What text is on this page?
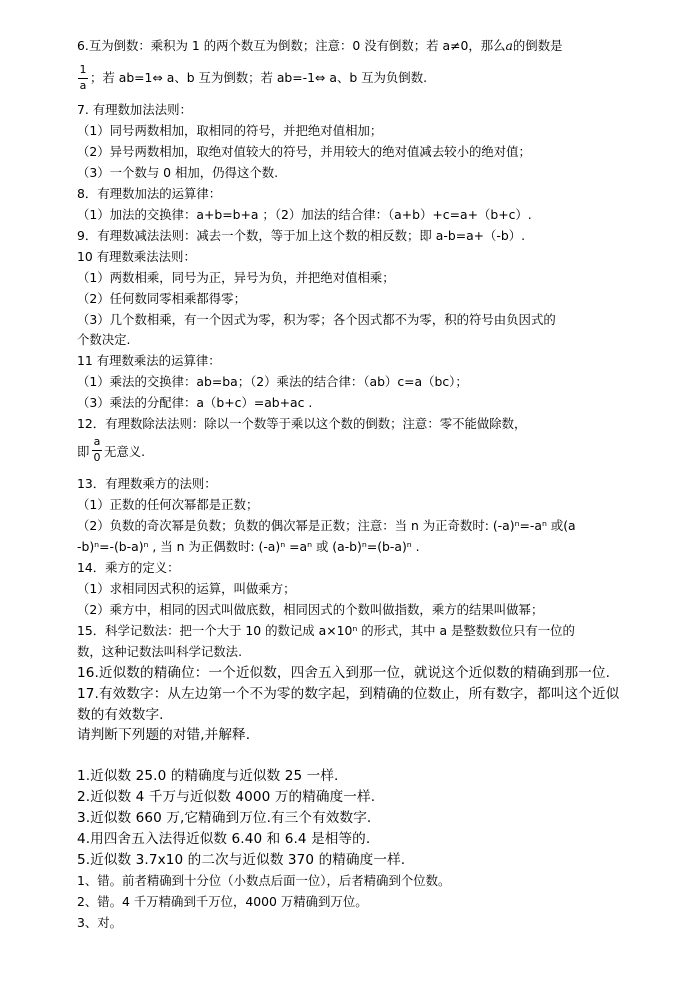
6.互为倒数：乘积为 1 的两个数互为倒数；注意：0 没有倒数；若 a≠0，那么a的倒数是
1
a
；若 ab=1⇔ a、b 互为倒数；若 ab=-1⇔ a、b 互为负倒数.
7. 有理数加法法则：
（1）同号两数相加，取相同的符号，并把绝对值相加；
（2）异号两数相加，取绝对值较大的符号，并用较大的绝对值减去较小的绝对值；
（3）一个数与 0 相加，仍得这个数.
8．有理数加法的运算律：
（1）加法的交换律：a+b=b+a ；（2）加法的结合律：（a+b）+c=a+（b+c）.
9．有理数减法法则：减去一个数，等于加上这个数的相反数；即 a-b=a+（-b）.
10 有理数乘法法则：
（1）两数相乘，同号为正，异号为负，并把绝对值相乘；
（2）任何数同零相乘都得零；
（3）几个数相乘，有一个因式为零，积为零；各个因式都不为零，积的符号由负因式的
个数决定.
11 有理数乘法的运算律：
（1）乘法的交换律：ab=ba；（2）乘法的结合律：（ab）c=a（bc）；
（3）乘法的分配律：a（b+c）=ab+ac .
12．有理数除法法则：除以一个数等于乘以这个数的倒数；注意：零不能做除数，
即
a
0 无意义.
13．有理数乘方的法则：
（1）正数的任何次幂都是正数；
（2）负数的奇次幂是负数；负数的偶次幂是正数；注意：当 n 为正奇数时: (-a)ⁿ=-aⁿ 或(a
-b)ⁿ=-(b-a)ⁿ , 当 n 为正偶数时: (-a)ⁿ =aⁿ 或 (a-b)ⁿ=(b-a)ⁿ .
14．乘方的定义：
（1）求相同因式积的运算，叫做乘方；
（2）乘方中，相同的因式叫做底数，相同因式的个数叫做指数，乘方的结果叫做幂；
15．科学记数法：把一个大于 10 的数记成 a×10ⁿ 的形式，其中 a 是整数数位只有一位的
数，这种记数法叫科学记数法.
16.近似数的精确位：一个近似数，四舍五入到那一位，就说这个近似数的精确到那一位.
17.有效数字：从左边第一个不为零的数字起，到精确的位数止，所有数字，都叫这个近似
数的有效数字.
请判断下列题的对错,并解释.
1.近似数 25.0 的精确度与近似数 25 一样.
2.近似数 4 千万与近似数 4000 万的精确度一样.
3.近似数 660 万,它精确到万位.有三个有效数字.
4.用四舍五入法得近似数 6.40 和 6.4 是相等的.
5.近似数 3.7x10 的二次与近似数 370 的精确度一样.
1、错。前者精确到十分位（小数点后面一位），后者精确到个位数。
2、错。4 千万精确到千万位，4000 万精确到万位。
3、对。
